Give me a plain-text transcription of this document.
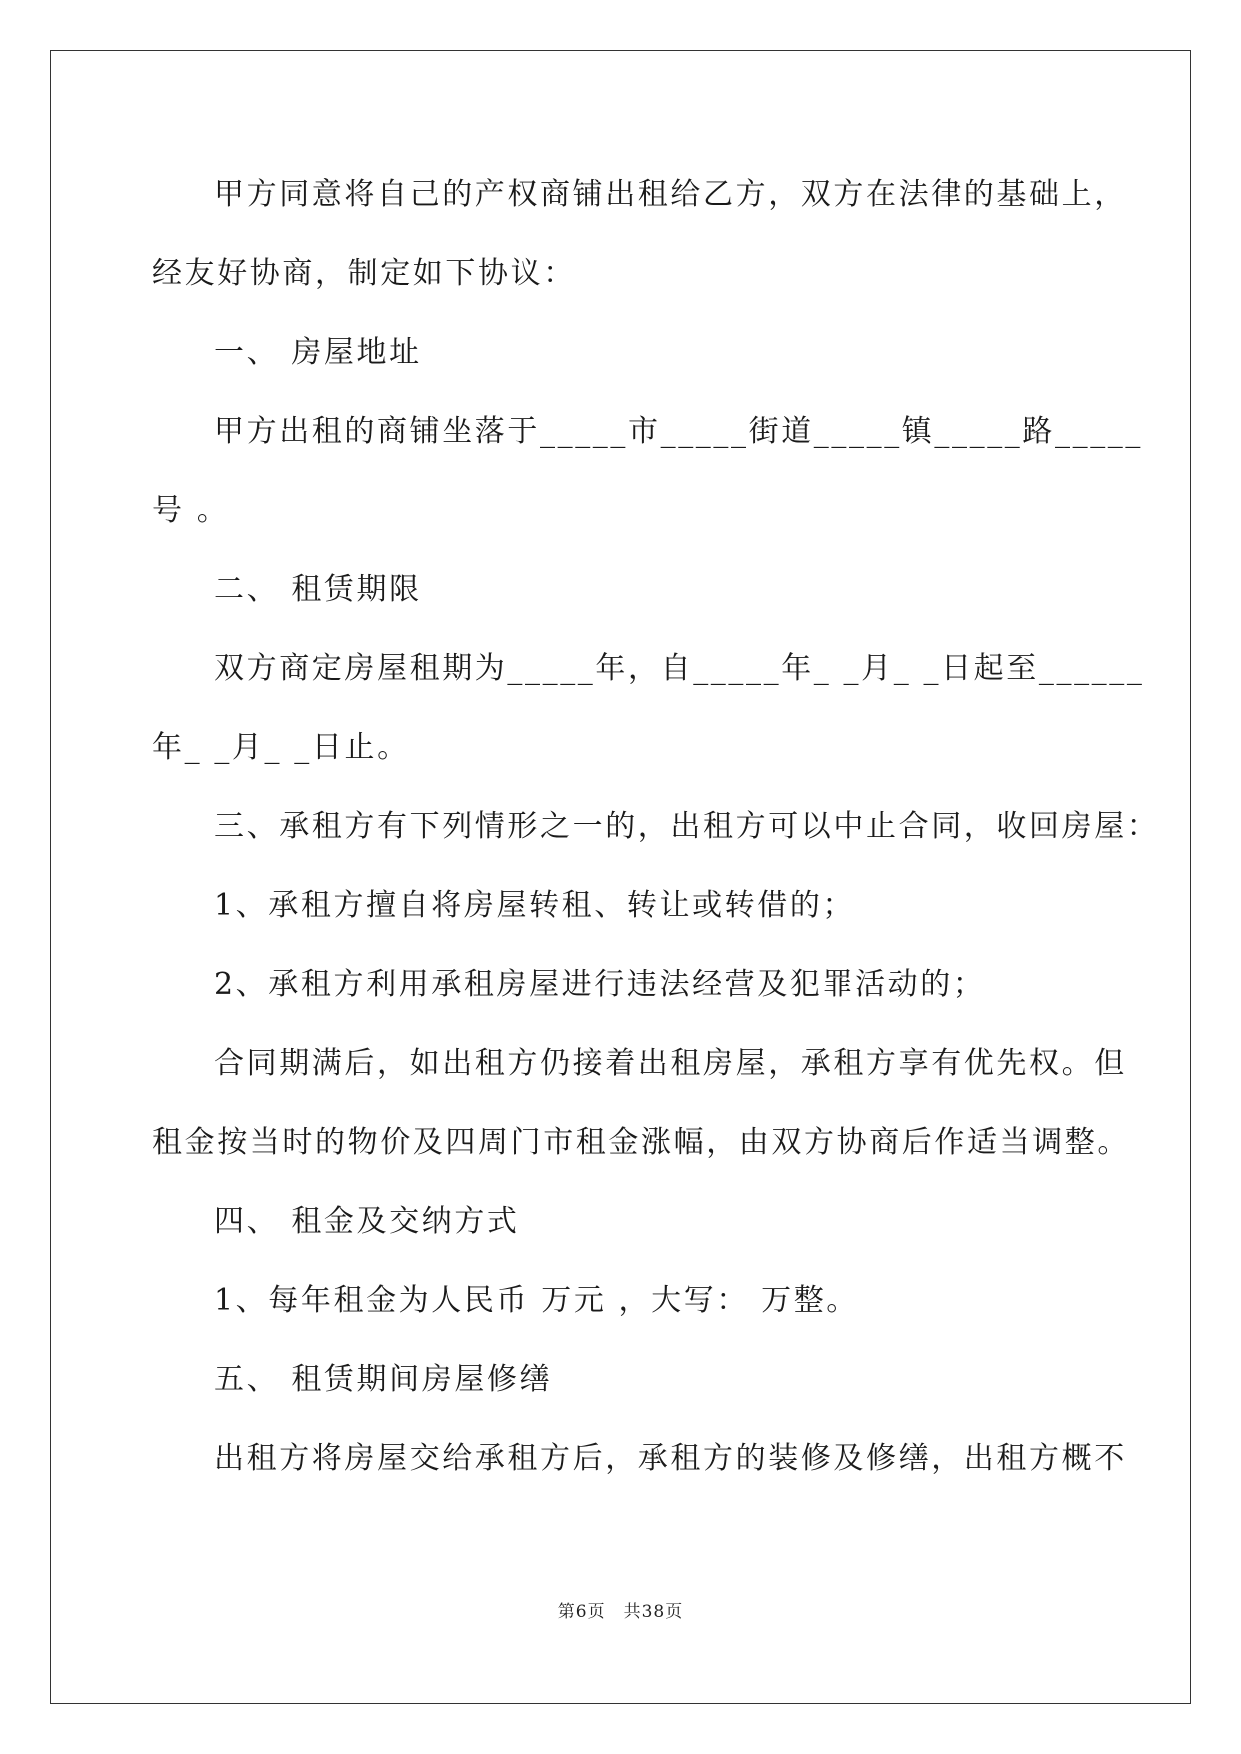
甲方同意将自己的产权商铺出租给乙方，双方在法律的基础上，
经友好协商，制定如下协议：
一、 房屋地址
甲方出租的商铺坐落于_____市_____街道_____镇_____路_____
号 。
二、 租赁期限
双方商定房屋租期为_____年，自_____年_ _月_ _日起至______
年_ _月_ _日止。
三、承租方有下列情形之一的，出租方可以中止合同，收回房屋：
1、承租方擅自将房屋转租、转让或转借的；
2、承租方利用承租房屋进行违法经营及犯罪活动的；
合同期满后，如出租方仍接着出租房屋，承租方享有优先权。但
租金按当时的物价及四周门市租金涨幅，由双方协商后作适当调整。
四、 租金及交纳方式
1、每年租金为人民币 万元 ，大写： 万整。
五、 租赁期间房屋修缮
出租方将房屋交给承租方后，承租方的装修及修缮，出租方概不
第6页　共38页
